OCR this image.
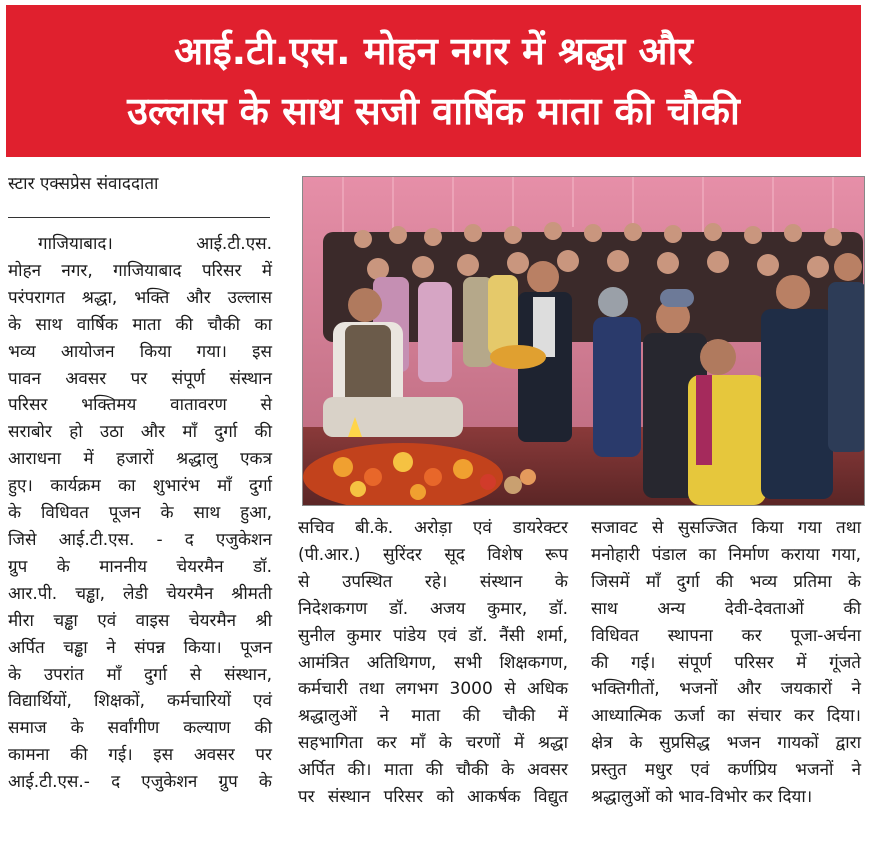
आई.टी.एस. मोहन नगर में श्रद्धा और
उल्लास के साथ सजी वार्षिक माता की चौकी
स्टार एक्सप्रेस संवाददाता

गाजियाबाद। आई.टी.एस.

मोहन नगर, गाजियाबाद परिसर में

परंपरागत श्रद्धा, भक्ति और उल्लास

के साथ वार्षिक माता की चौकी का

भव्य आयोजन किया गया। इस

पावन अवसर पर संपूर्ण संस्थान

परिसर भक्तिमय वातावरण से

सराबोर हो उठा और माँ दुर्गा की

आराधना में हजारों श्रद्धालु एकत्र

हुए। कार्यक्रम का शुभारंभ माँ दुर्गा

के विधिवत पूजन के साथ हुआ,

जिसे आई.टी.एस. - द एजुकेशन

ग्रुप के माननीय चेयरमैन डॉ.

आर.पी. चड्ढा, लेडी चेयरमैन श्रीमती

मीरा चड्ढा एवं वाइस चेयरमैन श्री

अर्पित चड्ढा ने संपन्न किया। पूजन

के उपरांत माँ दुर्गा से संस्थान,

विद्यार्थियों, शिक्षकों, कर्मचारियों एवं

समाज के सर्वांगीण कल्याण की

कामना की गई। इस अवसर पर

आई.टी.एस.- द एजुकेशन ग्रुप के

सचिव बी.के. अरोड़ा एवं डायरेक्टर

(पी.आर.) सुरिंदर सूद विशेष रूप

से उपस्थित रहे। संस्थान के

निदेशकगण डॉ. अजय कुमार, डॉ.

सुनील कुमार पांडेय एवं डॉ. नैंसी शर्मा,

आमंत्रित अतिथिगण, सभी शिक्षकगण,

कर्मचारी तथा लगभग 3000 से अधिक

श्रद्धालुओं ने माता की चौकी में

सहभागिता कर माँ के चरणों में श्रद्धा

अर्पित की। माता की चौकी के अवसर

पर संस्थान परिसर को आकर्षक विद्युत

सजावट से सुसज्जित किया गया तथा

मनोहारी पंडाल का निर्माण कराया गया,

जिसमें माँ दुर्गा की भव्य प्रतिमा के

साथ अन्य देवी-देवताओं की

विधिवत स्थापना कर पूजा-अर्चना

की गई। संपूर्ण परिसर में गूंजते

भक्तिगीतों, भजनों और जयकारों ने

आध्यात्मिक ऊर्जा का संचार कर दिया।

क्षेत्र के सुप्रसिद्ध भजन गायकों द्वारा

प्रस्तुत मधुर एवं कर्णप्रिय भजनों ने

श्रद्धालुओं को भाव-विभोर कर दिया।
